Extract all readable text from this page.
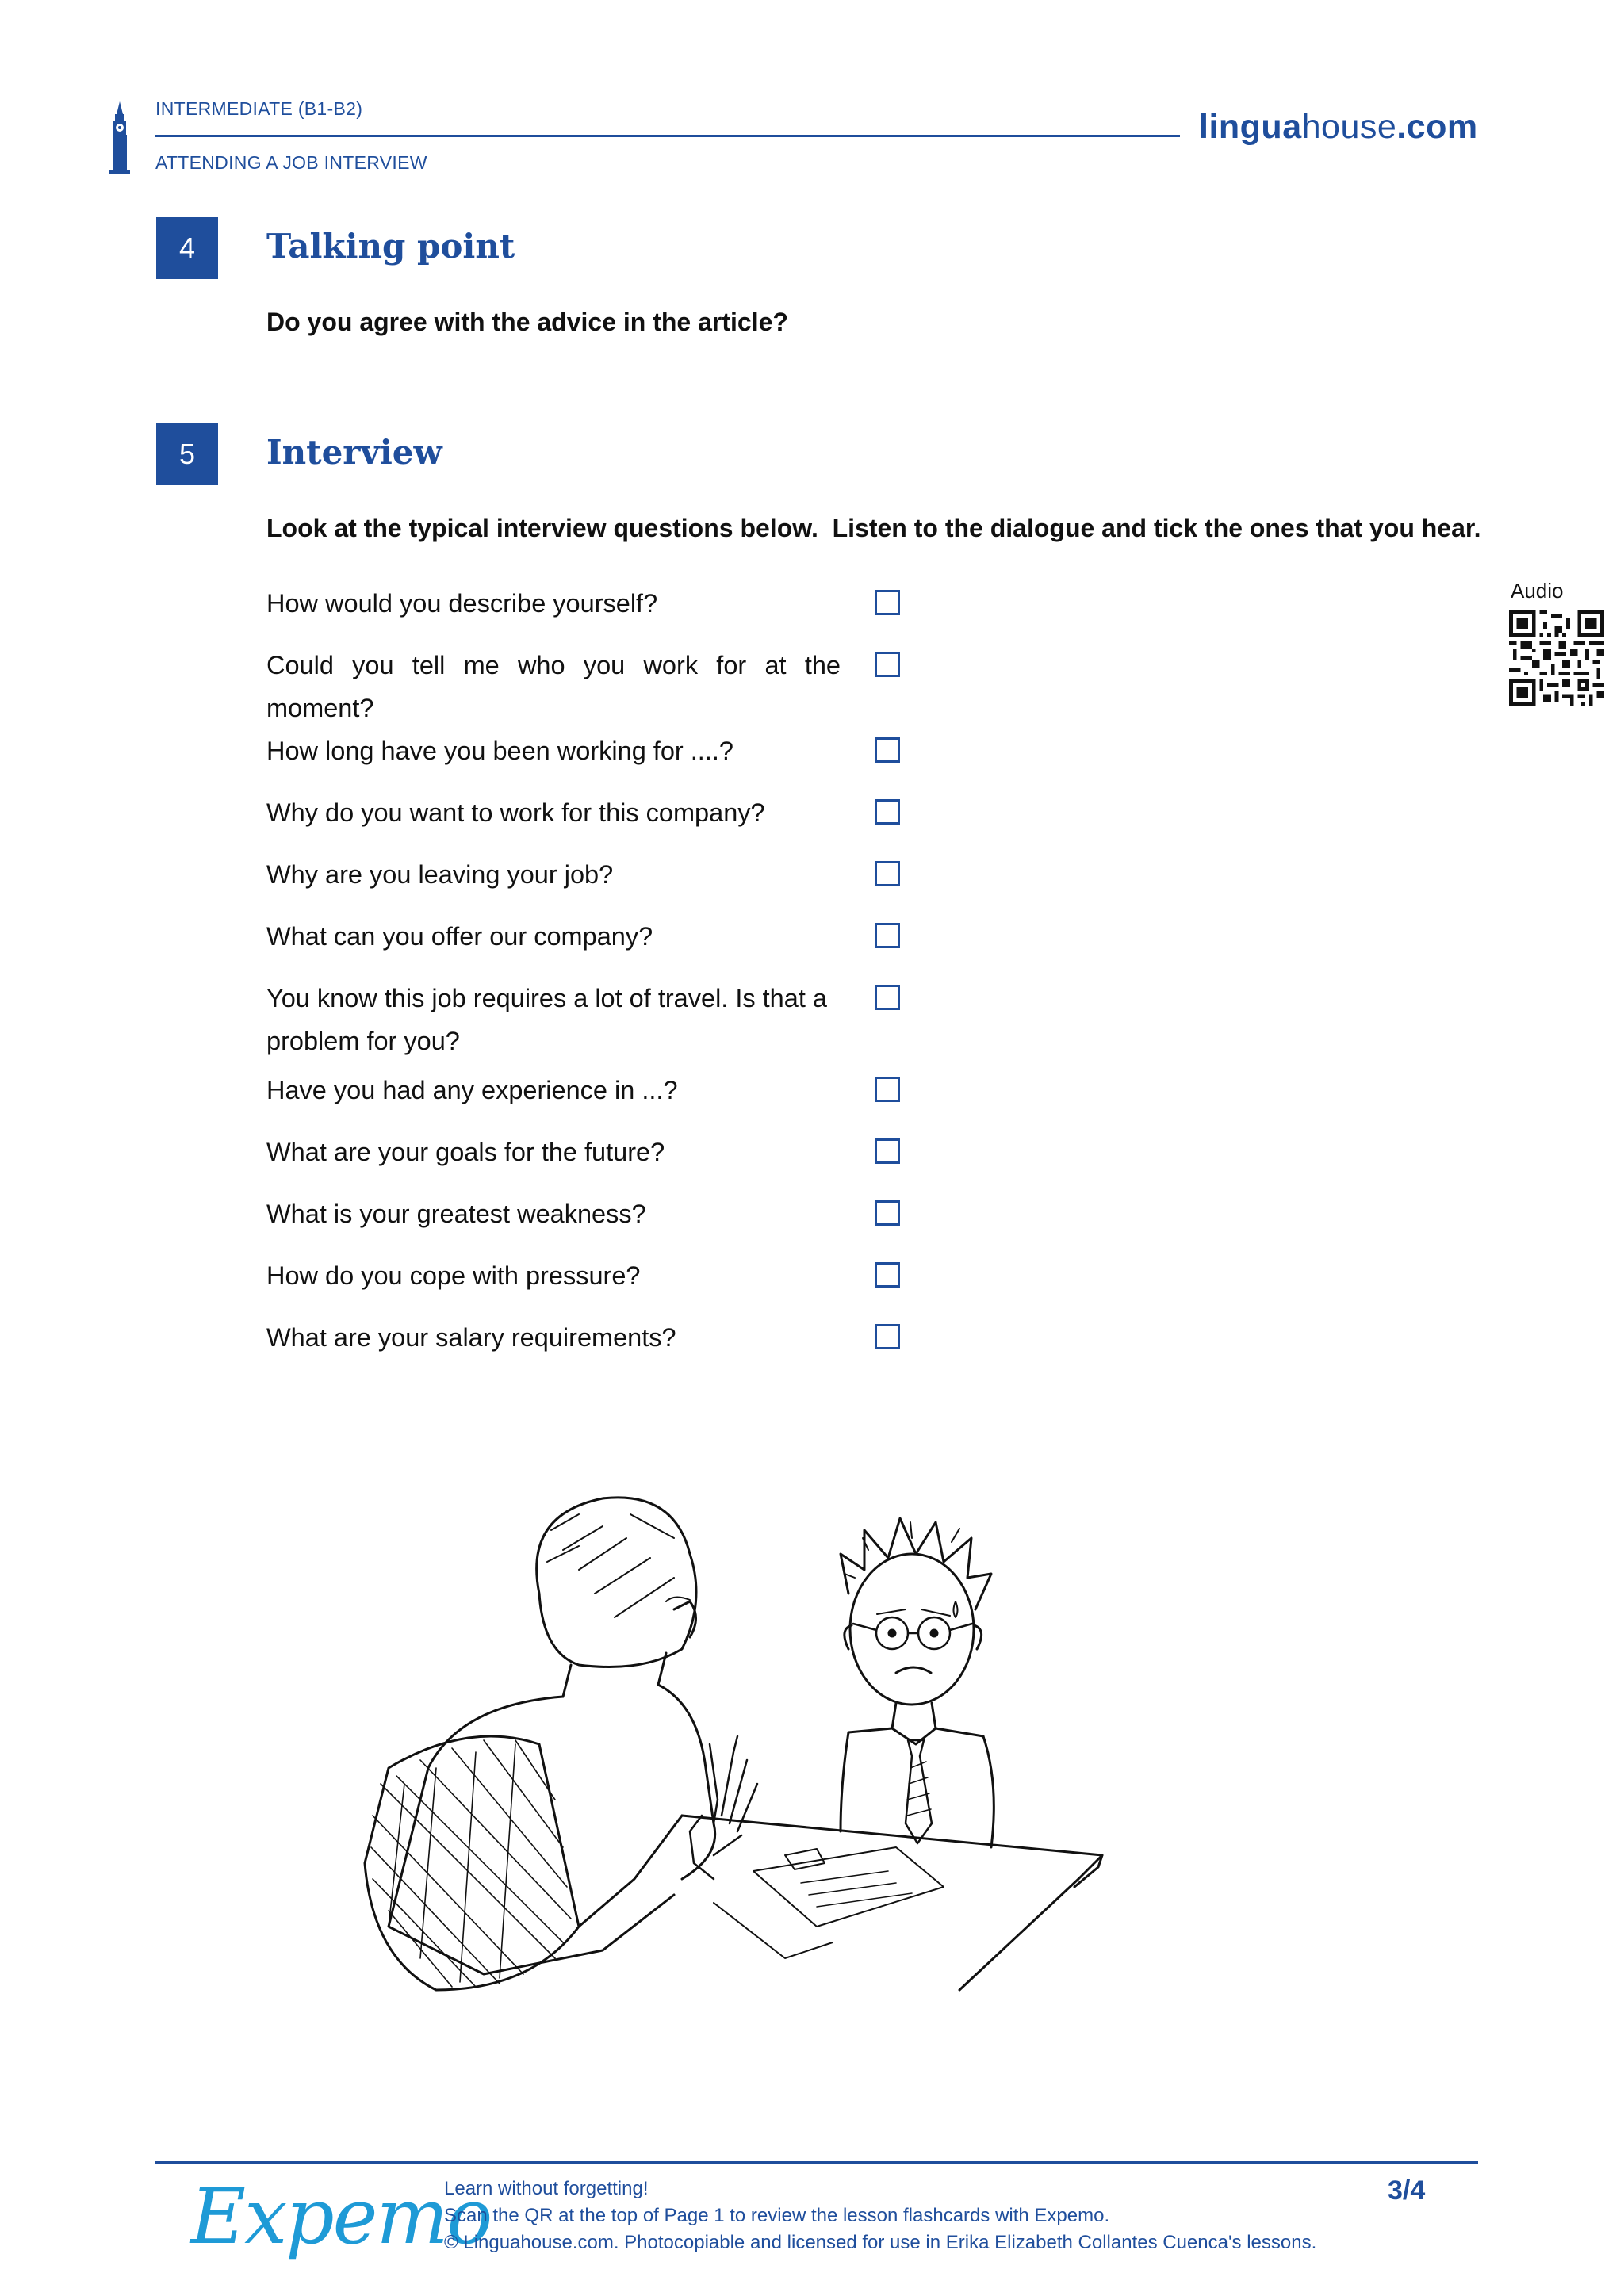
INTERMEDIATE (B1-B2)
ATTENDING A JOB INTERVIEW
linguahouse.com
4	Talking point
Do you agree with the advice in the article?
5	Interview
Look at the typical interview questions below.  Listen to the dialogue and tick the ones that you hear.
Audio
How would you describe yourself?
Could you tell me who you work for at the moment?
How long have you been working for ....?
Why do you want to work for this company?
Why are you leaving your job?
What can you offer our company?
You know this job requires a lot of travel. Is that a problem for you?
Have you had any experience in ...?
What are your goals for the future?
What is your greatest weakness?
How do you cope with pressure?
What are your salary requirements?
Expemo
Learn without forgetting!
Scan the QR at the top of Page 1 to review the lesson flashcards with Expemo.
© Linguahouse.com. Photocopiable and licensed for use in Erika Elizabeth Collantes Cuenca's lessons.
3/4
